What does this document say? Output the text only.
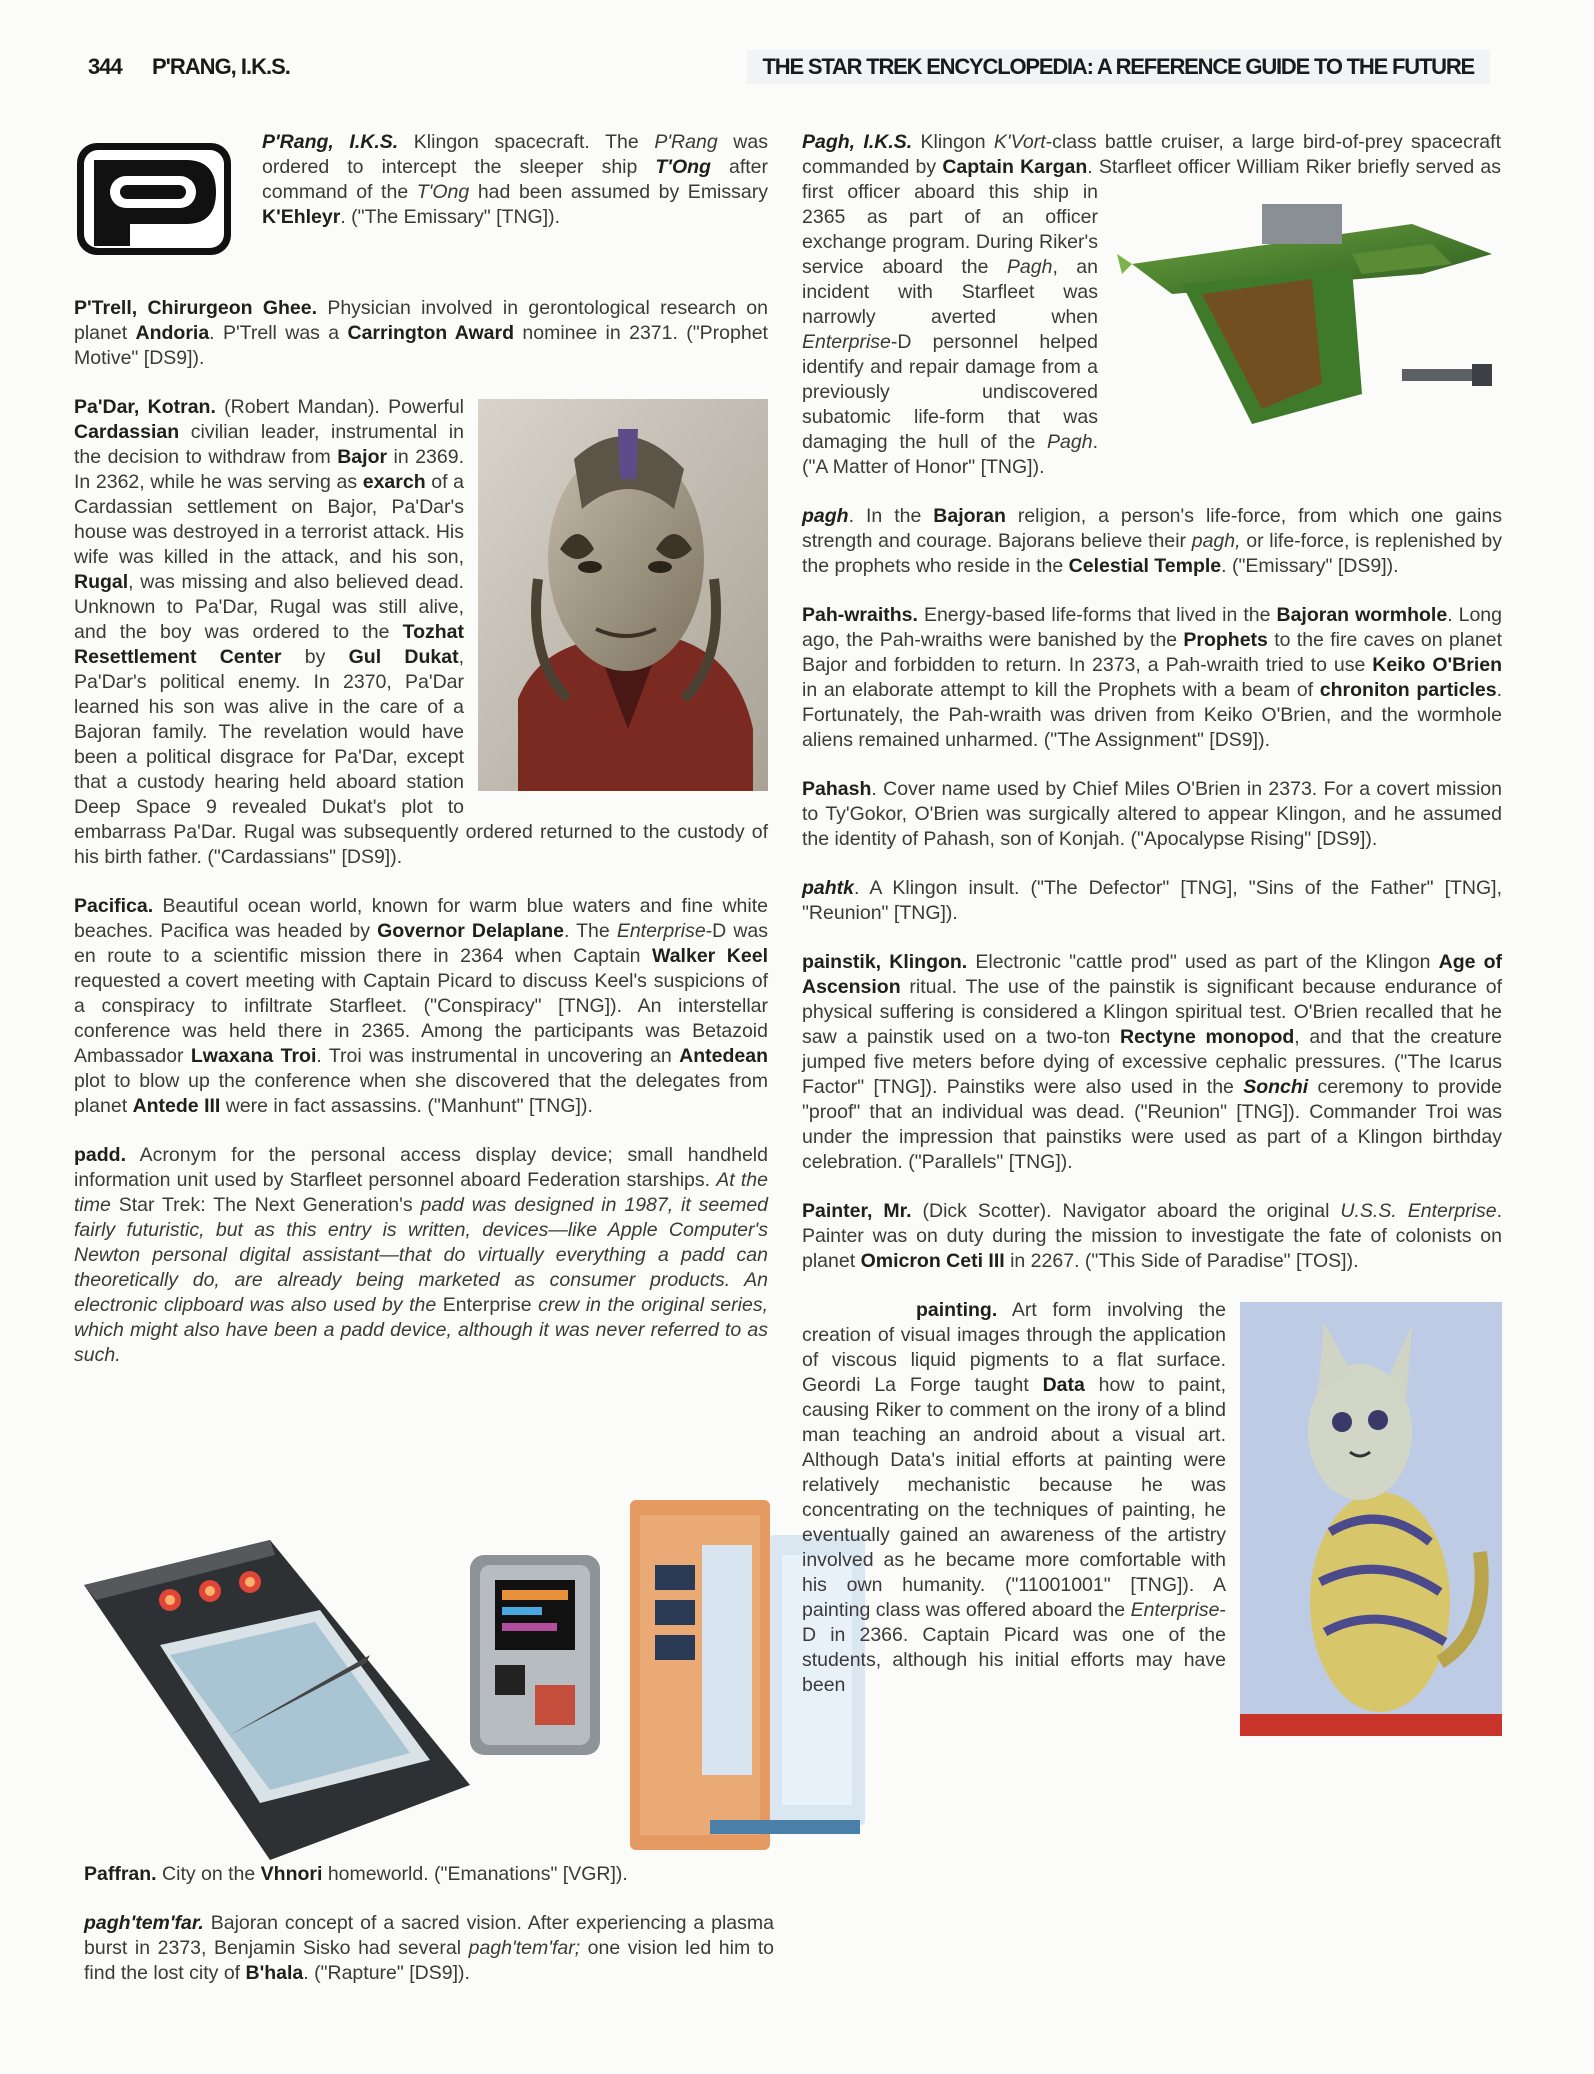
344 P'RANG, I.K.S.	THE STAR TREK ENCYCLOPEDIA: A REFERENCE GUIDE TO THE FUTURE

P'Rang, I.K.S. Klingon spacecraft. The P'Rang was ordered to intercept the sleeper ship T'Ong after command of the T'Ong had been assumed by Emissary K'Ehleyr. ("The Emissary" [TNG]).

P'Trell, Chirurgeon Ghee. Physician involved in gerontological research on planet Andoria. P'Trell was a Carrington Award nominee in 2371. ("Prophet Motive" [DS9]).

Pa'Dar, Kotran. (Robert Mandan). Powerful Cardassian civilian leader, instrumental in the decision to withdraw from Bajor in 2369. In 2362, while he was serving as exarch of a Cardassian settlement on Bajor, Pa'Dar's house was destroyed in a terrorist attack. His wife was killed in the attack, and his son, Rugal, was missing and also believed dead. Unknown to Pa'Dar, Rugal was still alive, and the boy was ordered to the Tozhat Resettlement Center by Gul Dukat, Pa'Dar's political enemy. In 2370, Pa'Dar learned his son was alive in the care of a Bajoran family. The revelation would have been a political disgrace for Pa'Dar, except that a custody hearing held aboard station Deep Space 9 revealed Dukat's plot to embarrass Pa'Dar. Rugal was subsequently ordered returned to the custody of his birth father. ("Cardassians" [DS9]).

Pacifica. Beautiful ocean world, known for warm blue waters and fine white beaches. Pacifica was headed by Governor Delaplane. The Enterprise-D was en route to a scientific mission there in 2364 when Captain Walker Keel requested a covert meeting with Captain Picard to discuss Keel's suspicions of a conspiracy to infiltrate Starfleet. ("Conspiracy" [TNG]). An interstellar conference was held there in 2365. Among the participants was Betazoid Ambassador Lwaxana Troi. Troi was instrumental in uncovering an Antedean plot to blow up the conference when she discovered that the delegates from planet Antede III were in fact assassins. ("Manhunt" [TNG]).

padd. Acronym for the personal access display device; small handheld information unit used by Starfleet personnel aboard Federation starships. At the time Star Trek: The Next Generation's padd was designed in 1987, it seemed fairly futuristic, but as this entry is written, devices—like Apple Computer's Newton personal digital assistant—that do virtually everything a padd can theoretically do, are already being marketed as consumer products. An electronic clipboard was also used by the Enterprise crew in the original series, which might also have been a padd device, although it was never referred to as such.

Paffran. City on the Vhnori homeworld. ("Emanations" [VGR]).

pagh'tem'far. Bajoran concept of a sacred vision. After experiencing a plasma burst in 2373, Benjamin Sisko had several pagh'tem'far; one vision led him to find the lost city of B'hala. ("Rapture" [DS9]).

Pagh, I.K.S. Klingon K'Vort-class battle cruiser, a large bird-of-prey spacecraft commanded by Captain Kargan. Starfleet officer William Riker briefly served as first officer aboard this ship in 2365 as part of an officer exchange program. During Riker's service aboard the Pagh, an incident with Starfleet was narrowly averted when Enterprise-D personnel helped identify and repair damage from a previously undiscovered subatomic life-form that was damaging the hull of the Pagh. ("A Matter of Honor" [TNG]).

pagh. In the Bajoran religion, a person's life-force, from which one gains strength and courage. Bajorans believe their pagh, or life-force, is replenished by the prophets who reside in the Celestial Temple. ("Emissary" [DS9]).

Pah-wraiths. Energy-based life-forms that lived in the Bajoran wormhole. Long ago, the Pah-wraiths were banished by the Prophets to the fire caves on planet Bajor and forbidden to return. In 2373, a Pah-wraith tried to use Keiko O'Brien in an elaborate attempt to kill the Prophets with a beam of chroniton particles. Fortunately, the Pah-wraith was driven from Keiko O'Brien, and the wormhole aliens remained unharmed. ("The Assignment" [DS9]).

Pahash. Cover name used by Chief Miles O'Brien in 2373. For a covert mission to Ty'Gokor, O'Brien was surgically altered to appear Klingon, and he assumed the identity of Pahash, son of Konjah. ("Apocalypse Rising" [DS9]).

pahtk. A Klingon insult. ("The Defector" [TNG], "Sins of the Father" [TNG], "Reunion" [TNG]).

painstik, Klingon. Electronic "cattle prod" used as part of the Klingon Age of Ascension ritual. The use of the painstik is significant because endurance of physical suffering is considered a Klingon spiritual test. O'Brien recalled that he saw a painstik used on a two-ton Rectyne monopod, and that the creature jumped five meters before dying of excessive cephalic pressures. ("The Icarus Factor" [TNG]). Painstiks were also used in the Sonchi ceremony to provide "proof" that an individual was dead. ("Reunion" [TNG]). Commander Troi was under the impression that painstiks were used as part of a Klingon birthday celebration. ("Parallels" [TNG]).

Painter, Mr. (Dick Scotter). Navigator aboard the original U.S.S. Enterprise. Painter was on duty during the mission to investigate the fate of colonists on planet Omicron Ceti III in 2267. ("This Side of Paradise" [TOS]).

painting. Art form involving the creation of visual images through the application of viscous liquid pigments to a flat surface. Geordi La Forge taught Data how to paint, causing Riker to comment on the irony of a blind man teaching an android about a visual art. Although Data's initial efforts at painting were relatively mechanistic because he was concentrating on the techniques of painting, he eventually gained an awareness of the artistry involved as he became more comfortable with his own humanity. ("11001001" [TNG]). A painting class was offered aboard the Enterprise-D in 2366. Captain Picard was one of the students, although his initial efforts may have been
